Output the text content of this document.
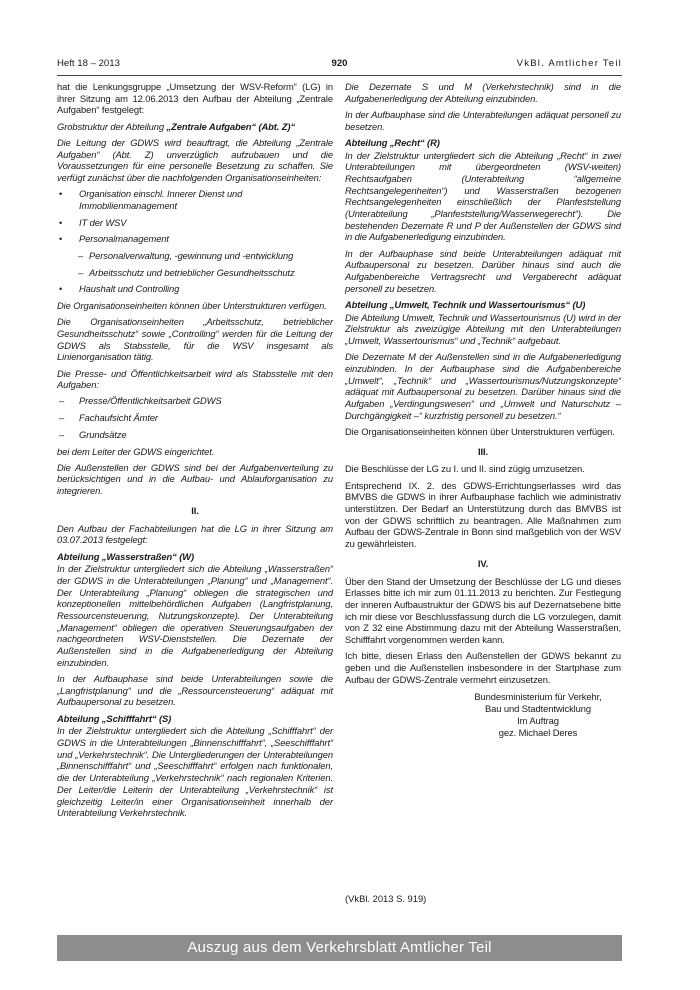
Heft 18 – 2013	920	VkBl. Amtlicher Teil

hat die Lenkungsgruppe „Umsetzung der WSV-Reform“ (LG) in ihrer Sitzung am 12.06.2013 den Aufbau der Abteilung „Zentrale Aufgaben“ festgelegt:

Grobstruktur der Abteilung „Zentrale Aufgaben“ (Abt. Z)“

Die Leitung der GDWS wird beauftragt, die Abteilung „Zentrale Aufgaben“ (Abt. Z) unverzüglich aufzubauen und die Voraussetzungen für eine personelle Besetzung zu schaffen. Sie verfügt zunächst über die nachfolgenden Organisationseinheiten:

• Organisation einschl. Innerer Dienst und Immobilienmanagement
• IT der WSV
• Personalmanagement
– Personalverwaltung, -gewinnung und -entwicklung
– Arbeitsschutz und betrieblicher Gesundheitsschutz
• Haushalt und Controlling

Die Organisationseinheiten können über Unterstrukturen verfügen.

Die Organisationseinheiten „Arbeitsschutz, betrieblicher Gesundheitsschutz“ sowie „Controlling“ werden für die Leitung der GDWS als Stabsstelle, für die WSV insgesamt als Linienorganisation tätig.

Die Presse- und Öffentlichkeitsarbeit wird als Stabsstelle mit den Aufgaben:

– Presse/Öffentlichkeitsarbeit GDWS
– Fachaufsicht Ämter
– Grundsätze

bei dem Leiter der GDWS eingerichtet.

Die Außenstellen der GDWS sind bei der Aufgabenverteilung zu berücksichtigen und in die Aufbau- und Ablauforganisation zu integrieren.

II.

Den Aufbau der Fachabteilungen hat die LG in ihrer Sitzung am 03.07.2013 festgelegt:

Abteilung „Wasserstraßen“ (W)

In der Zielstruktur untergliedert sich die Abteilung „Wasserstraßen“ der GDWS in die Unterabteilungen „Planung“ und „Management“. Der Unterabteilung „Planung“ obliegen die strategischen und konzeptionellen mittelbehördlichen Aufgaben (Langfristplanung, Ressourcensteuerung, Nutzungskonzepte). Der Unterabteilung „Management“ obliegen die operativen Steuerungsaufgaben der nachgeordneten WSV-Dienststellen. Die Dezernate der Außenstellen sind in die Aufgabenerledigung der Abteilung einzubinden.

In der Aufbauphase sind beide Unterabteilungen sowie die „Langfristplanung“ und die „Ressourcensteuerung“ adäquat mit Aufbaupersonal zu besetzen.

Abteilung „Schifffahrt“ (S)

In der Zielstruktur untergliedert sich die Abteilung „Schifffahrt“ der GDWS in die Unterabteilungen „Binnenschifffahrt“, „Seeschifffahrt“ und „Verkehrstechnik“. Die Untergliederungen der Unterabteilungen „Binnenschifffahrt“ und „Seeschifffahrt“ erfolgen nach funktionalen, die der Unterabteilung „Verkehrstechnik“ nach regionalen Kriterien. Der Leiter/die Leiterin der Unterabteilung „Verkehrstechnik“ ist gleichzeitig Leiter/in einer Organisationseinheit innerhalb der Unterabteilung Verkehrstechnik.

Die Dezernate S und M (Verkehrstechnik) sind in die Aufgabenerledigung der Abteilung einzubinden.

In der Aufbauphase sind die Unterabteilungen adäquat personell zu besetzen.

Abteilung „Recht“ (R)

In der Zielstruktur untergliedert sich die Abteilung „Recht“ in zwei Unterabteilungen mit übergeordneten (WSV-weiten) Rechtsaufgaben (Unterabteilung “allgemeine Rechtsangelegenheiten“) und Wasserstraßen bezogenen Rechtsangelegenheiten einschließlich der Planfeststellung (Unterabteilung „Planfeststellung/Wasserwegerecht“). Die bestehenden Dezernate R und P der Außenstellen der GDWS sind in die Aufgabenerledigung einzubinden.

In der Aufbauphase sind beide Unterabteilungen adäquat mit Aufbaupersonal zu besetzen. Darüber hinaus sind auch die Aufgabenbereiche Vertragsrecht und Vergaberecht adäquat personell zu besetzen.

Abteilung „Umwelt, Technik und Wassertourismus“ (U)

Die Abteilung Umwelt, Technik und Wassertourismus (U) wird in der Zielstruktur als zweizügige Abteilung mit den Unterabteilungen „Umwelt, Wassertourismus“ und „Technik“ aufgebaut.

Die Dezernate M der Außenstellen sind in die Aufgabenerledigung einzubinden. In der Aufbauphase sind die Aufgabenbereiche „Umwelt“, „Technik“ und „Wassertourismus/Nutzungskonzepte“ adäquat mit Aufbaupersonal zu besetzen. Darüber hinaus sind die Aufgaben „Verdingungswesen“ und „Umwelt und Naturschutz – Durchgängigkeit –“ kurzfristig personell zu besetzen.“

Die Organisationseinheiten können über Unterstrukturen verfügen.

III.

Die Beschlüsse der LG zu I. und II. sind zügig umzusetzen.

Entsprechend IX. 2. des GDWS-Errichtungserlasses wird das BMVBS die GDWS in ihrer Aufbauphase fachlich wie administrativ unterstützen. Der Bedarf an Unterstützung durch das BMVBS ist von der GDWS schriftlich zu beantragen. Alle Maßnahmen zum Aufbau der GDWS-Zentrale in Bonn sind maßgeblich von der WSV zu gewährleisten.

IV.

Über den Stand der Umsetzung der Beschlüsse der LG und dieses Erlasses bitte ich mir zum 01.11.2013 zu berichten. Zur Festlegung der inneren Aufbaustruktur der GDWS bis auf Dezernatsebene bitte ich mir diese vor Beschlussfassung durch die LG vorzulegen, damit von Z 32 eine Abstimmung dazu mit der Abteilung Wasserstraßen, Schifffahrt vorgenommen werden kann.

Ich bitte, diesen Erlass den Außenstellen der GDWS bekannt zu geben und die Außenstellen insbesondere in der Startphase zum Aufbau der GDWS-Zentrale vermehrt einzusetzen.

Bundesministerium für Verkehr,
Bau und Stadtentwicklung
Im Auftrag
gez. Michael Deres
(VkBl. 2013 S. 919)
Auszug aus dem Verkehrsblatt Amtlicher Teil
